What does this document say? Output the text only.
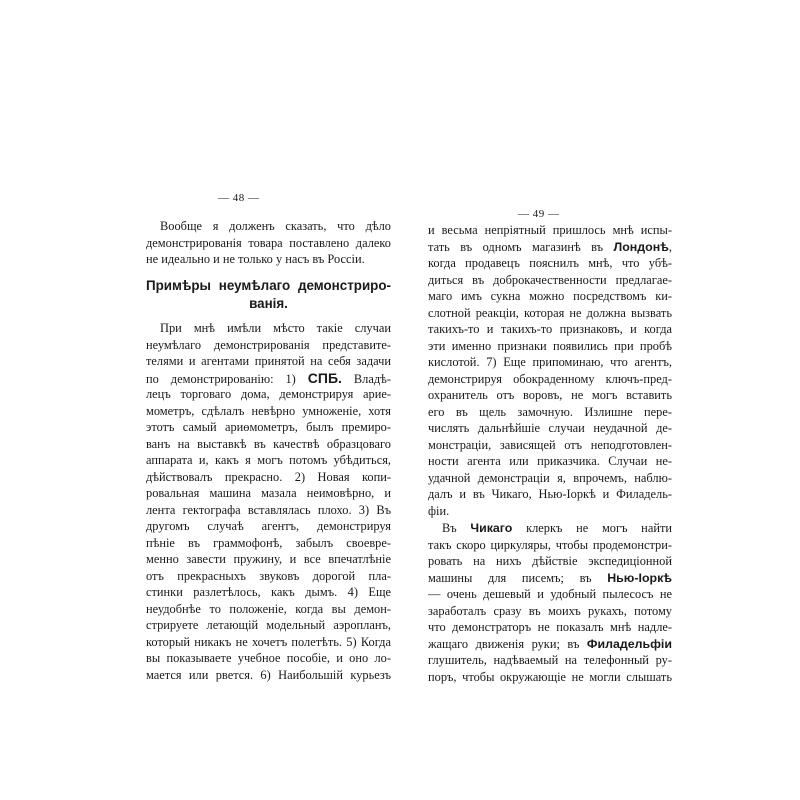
— 48 —
Вообще я долженъ сказать, что дѣло
демонстрированія товара поставлено далеко
не идеально и не только у насъ въ Россіи.
Примѣры неумѣлаго демонстриро-
ванія.
При мнѣ имѣли мѣсто такіе случаи
неумѣлаго демонстрированія представите-
телями и агентами принятой на себя задачи
по демонстрированію: 1) СПБ. Владѣ-
лецъ торговаго дома, демонстрируя арие-
мометръ, сдѣлалъ невѣрно умноженіе, хотя
этотъ самый ариөмометръ, былъ премиро-
ванъ на выставкѣ въ качествѣ образцоваго
аппарата и, какъ я могъ потомъ убѣдиться,
дѣйствовалъ прекрасно. 2) Новая копи-
ровальная машина мазала неимовѣрно, и
лента гектографа вставлялась плохо. 3) Въ
другомъ случаѣ агентъ, демонстрируя
пѣніе въ граммофонѣ, забылъ своевре-
менно завести пружину, и все впечатлѣніе
отъ прекрасныхъ звуковъ дорогой пла-
стинки разлетѣлось, какъ дымъ. 4) Еще
неудобнѣе то положеніе, когда вы демон-
стрируете летающій модельный аэропланъ,
который никакъ не хочетъ полетѣть. 5) Когда
вы показываете учебное пособіе, и оно ло-
мается или рвется. 6) Наибольшій курьезъ
— 49 —
и весьма непріятный пришлось мнѣ испы-
тать въ одномъ магазинѣ въ Лондонѣ,
когда продавецъ пояснилъ мнѣ, что убѣ-
диться въ доброкачественности предлагае-
маго имъ сукна можно посредствомъ ки-
слотной реакціи, которая не должна вызвать
такихъ-то и такихъ-то признаковъ, и когда
эти именно признаки появились при пробѣ
кислотой. 7) Еще припоминаю, что агентъ,
демонстрируя обокраденному ключъ-пред-
охранитель отъ воровъ, не могъ вставить
его въ щель замочную. Излишне пере-
числять дальнѣйшіе случаи неудачной де-
монстраціи, зависящей отъ неподготовлен-
ности агента или приказчика. Случаи не-
удачной демонстраціи я, впрочемъ, наблю-
далъ и въ Чикаго, Нью-Іоркѣ и Филадель-
фіи.
Въ Чикаго клеркъ не могъ найти
такъ скоро циркуляры, чтобы продемонстри-
ровать на нихъ дѣйствіе экспедиціонной
машины для писемъ; въ Нью-Іоркѣ
— очень дешевый и удобный пылесосъ не
заработалъ сразу въ моихъ рукахъ, потому
что демонстраторъ не показалъ мнѣ надле-
жащаго движенія руки; въ Филадельфіи
глушитель, надѣваемый на телефонный ру-
поръ, чтобы окружающіе не могли слышать
